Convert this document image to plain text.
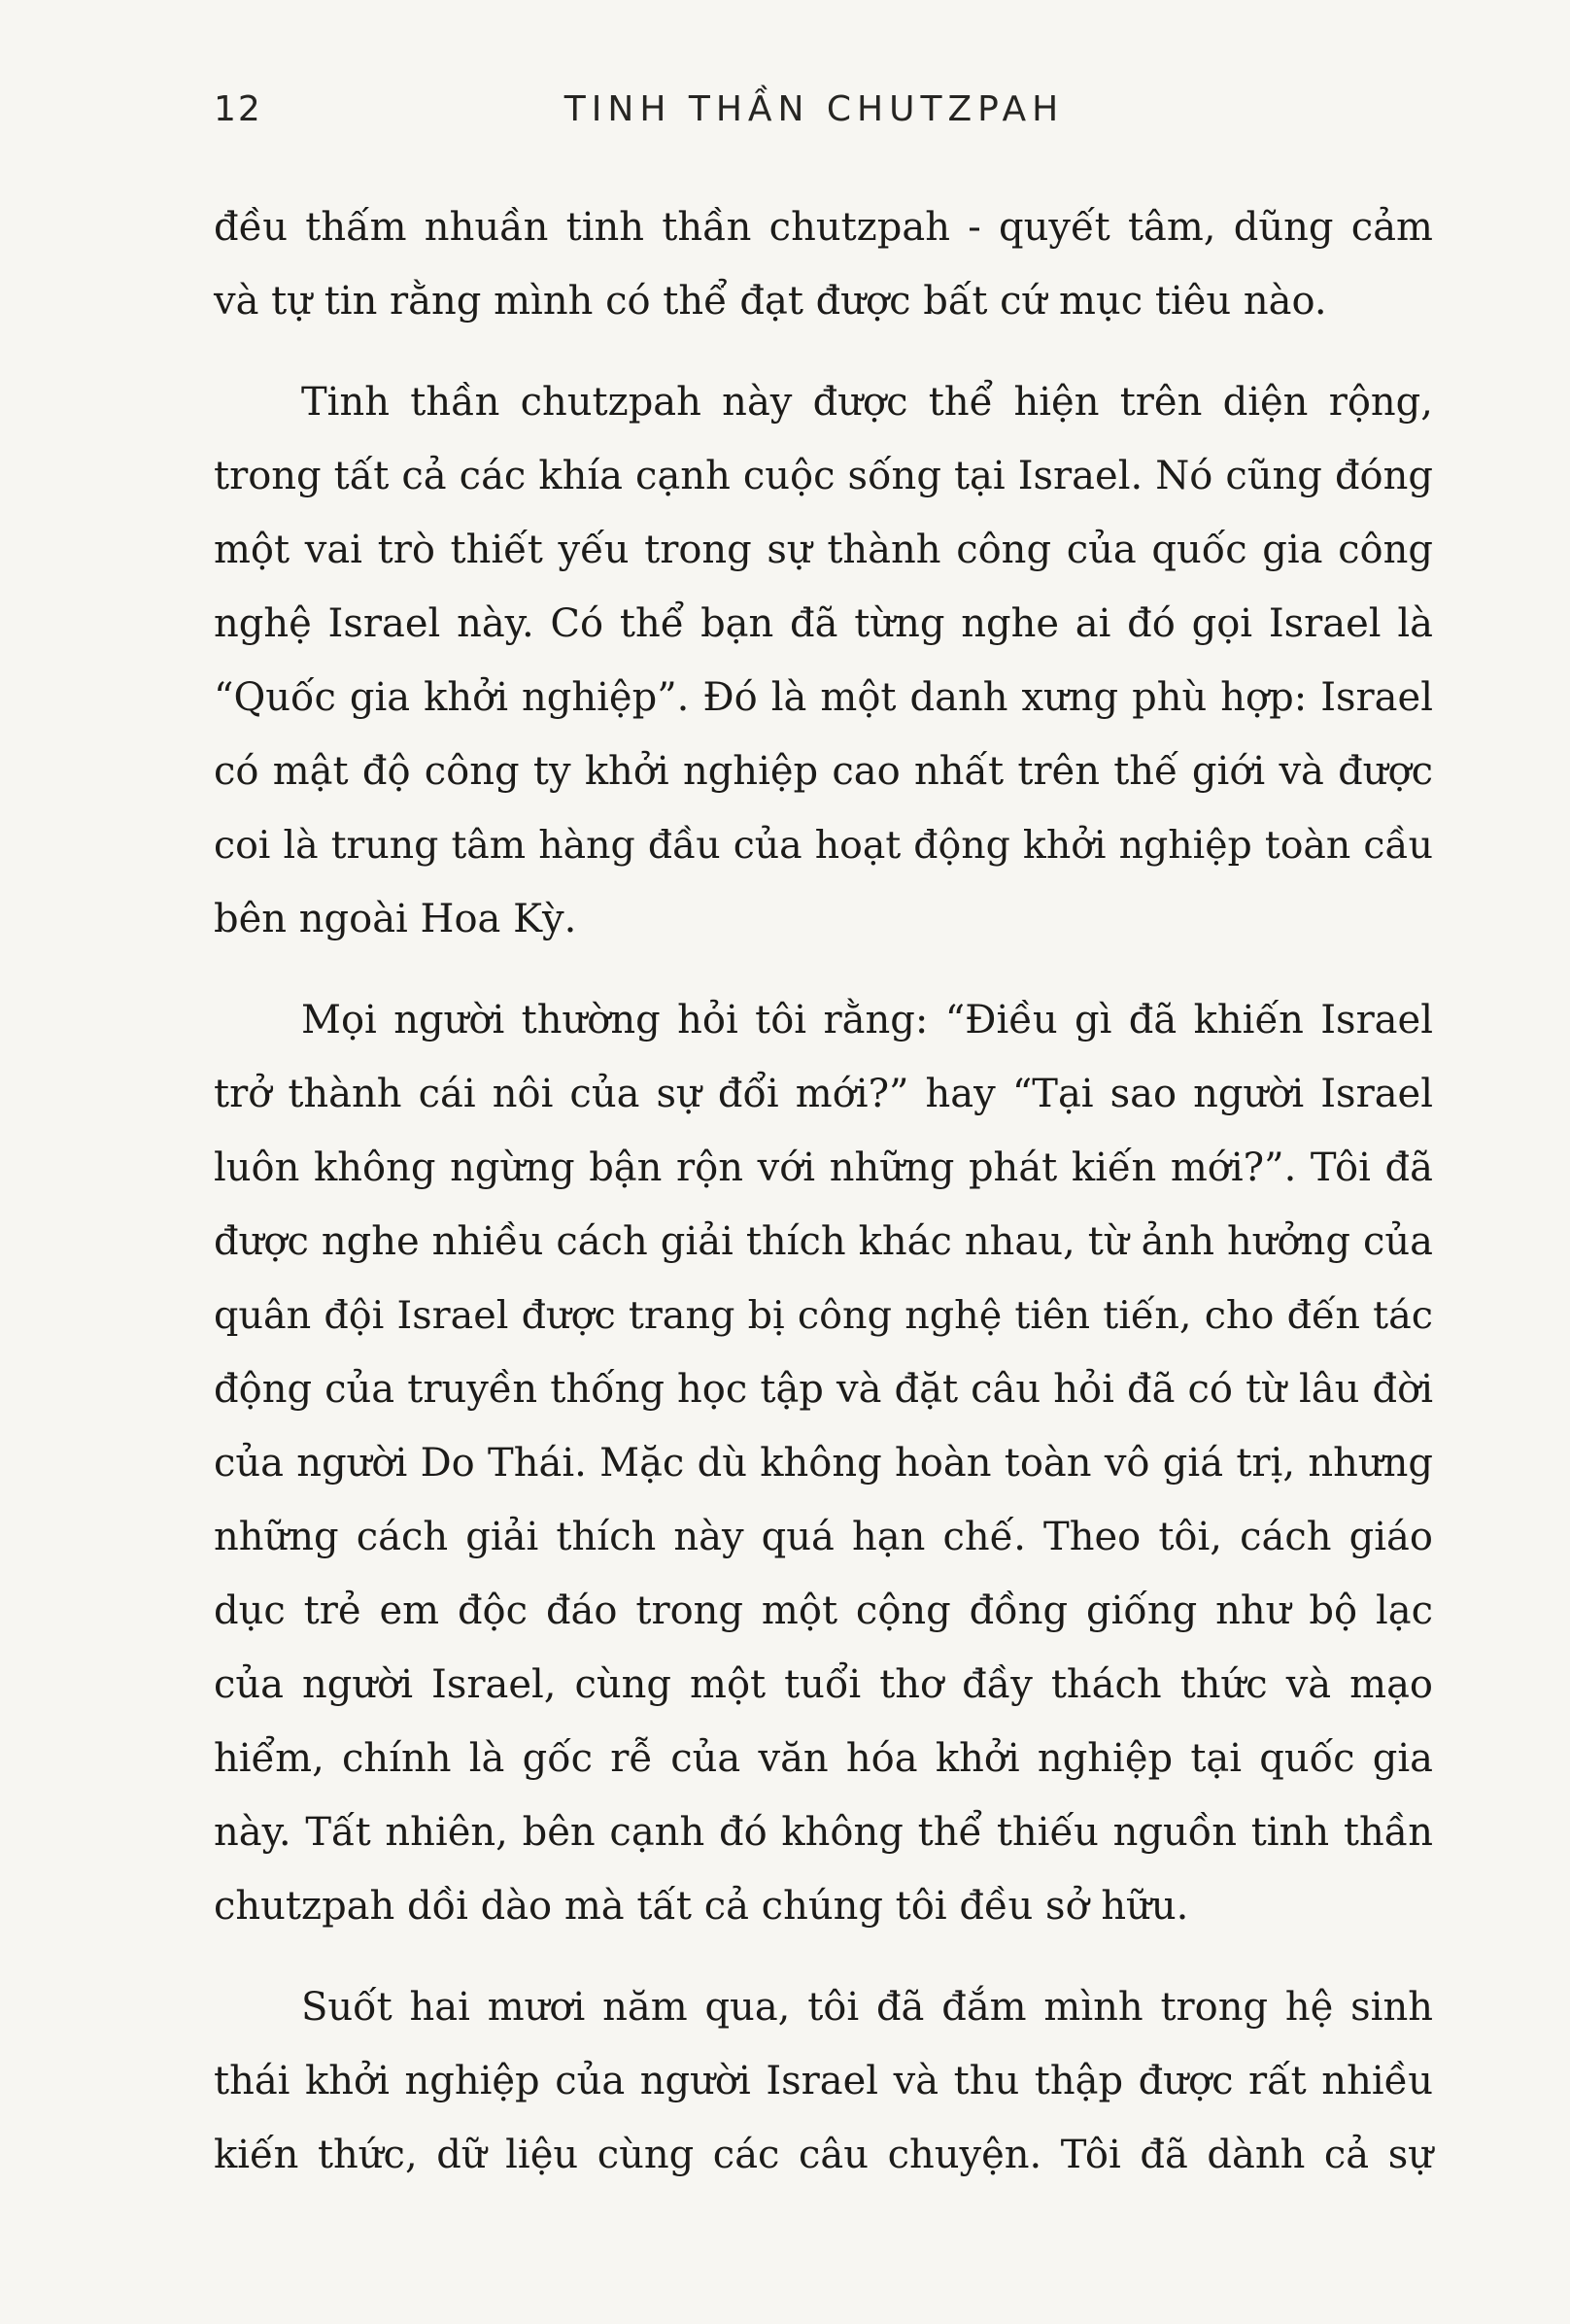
12	TINH THẦN CHUTZPAH
đều thấm nhuần tinh thần chutzpah - quyết tâm, dũng cảm
và tự tin rằng mình có thể đạt được bất cứ mục tiêu nào.
Tinh thần chutzpah này được thể hiện trên diện rộng,
trong tất cả các khía cạnh cuộc sống tại Israel. Nó cũng đóng
một vai trò thiết yếu trong sự thành công của quốc gia công
nghệ Israel này. Có thể bạn đã từng nghe ai đó gọi Israel là
“Quốc gia khởi nghiệp”. Đó là một danh xưng phù hợp: Israel
có mật độ công ty khởi nghiệp cao nhất trên thế giới và được
coi là trung tâm hàng đầu của hoạt động khởi nghiệp toàn cầu
bên ngoài Hoa Kỳ.
Mọi người thường hỏi tôi rằng: “Điều gì đã khiến Israel
trở thành cái nôi của sự đổi mới?” hay “Tại sao người Israel
luôn không ngừng bận rộn với những phát kiến mới?”. Tôi đã
được nghe nhiều cách giải thích khác nhau, từ ảnh hưởng của
quân đội Israel được trang bị công nghệ tiên tiến, cho đến tác
động của truyền thống học tập và đặt câu hỏi đã có từ lâu đời
của người Do Thái. Mặc dù không hoàn toàn vô giá trị, nhưng
những cách giải thích này quá hạn chế. Theo tôi, cách giáo
dục trẻ em độc đáo trong một cộng đồng giống như bộ lạc
của người Israel, cùng một tuổi thơ đầy thách thức và mạo
hiểm, chính là gốc rễ của văn hóa khởi nghiệp tại quốc gia
này. Tất nhiên, bên cạnh đó không thể thiếu nguồn tinh thần
chutzpah dồi dào mà tất cả chúng tôi đều sở hữu.
Suốt hai mươi năm qua, tôi đã đắm mình trong hệ sinh
thái khởi nghiệp của người Israel và thu thập được rất nhiều
kiến thức, dữ liệu cùng các câu chuyện. Tôi đã dành cả sự
